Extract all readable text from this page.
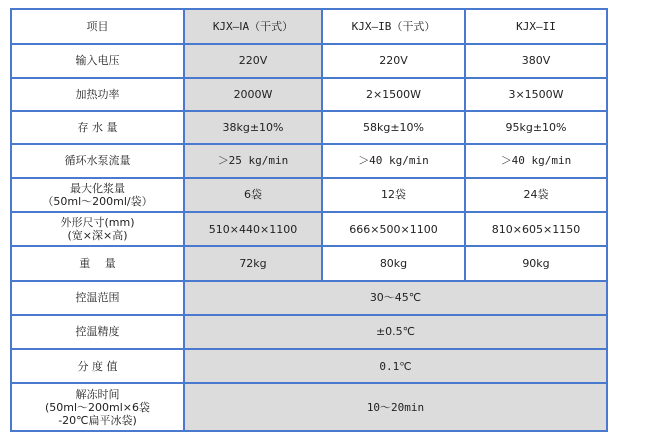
项目	KJX—ⅠA（干式）	KJX—IB（干式）	KJX—II
输入电压	220V	220V	380V
加热功率	2000W	2×1500W	3×1500W
存 水 量	38kg±10%	58kg±10%	95kg±10%
循环水泵流量	＞25 kg/min	＞40 kg/min	＞40 kg/min

最大化浆量
（50ml～200ml/袋）	6袋	12袋	24袋

外形尺寸(mm)
(宽×深×高)	510×440×1100	666×500×1100	810×605×1150
重　 量	72kg	80kg	90kg
控温范围	30～45℃		
控温精度	±0.5℃		
分 度 值	0.1℃		

解冻时间
(50ml～200ml×6袋
-20℃扁平冰袋)	10～20min		
